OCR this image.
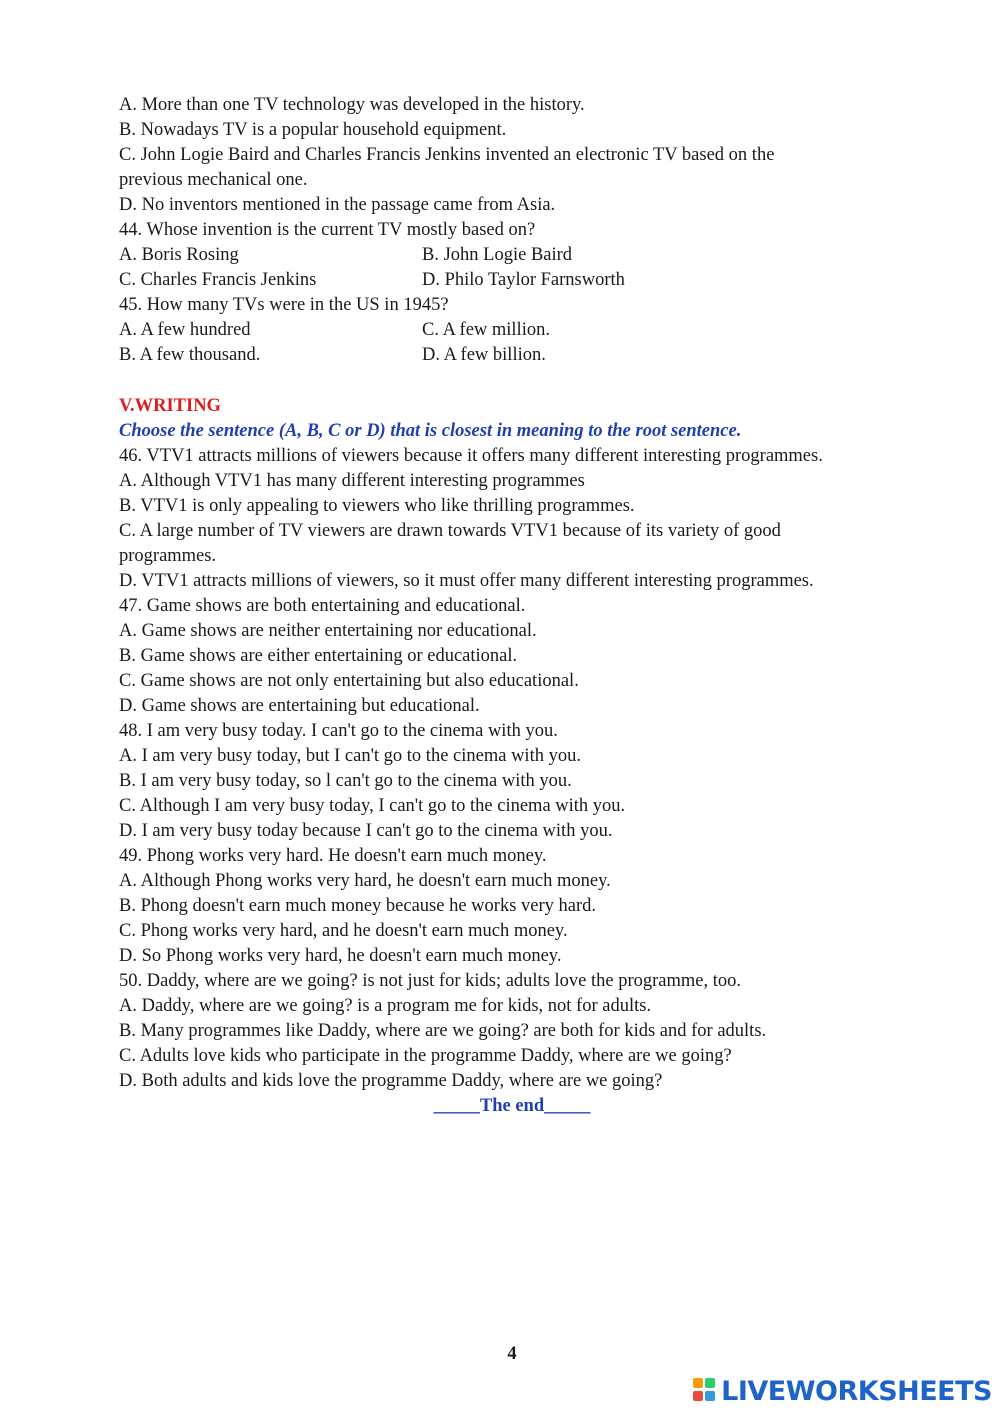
A. More than one TV technology was developed in the history.

B. Nowadays TV is a popular household equipment.

C. John Logie Baird and Charles Francis Jenkins invented an electronic TV based on the

previous mechanical one.

D. No inventors mentioned in the passage came from Asia.

44. Whose invention is the current TV mostly based on?

A. Boris Rosing	B. John Logie Baird

C. Charles Francis Jenkins	D. Philo Taylor Farnsworth

45. How many TVs were in the US in 1945?

A. A few hundred	C. A few million.

B. A few thousand.	D. A few billion.

V.WRITING

Choose the sentence (A, B, C or D) that is closest in meaning to the root sentence.

46. VTV1 attracts millions of viewers because it offers many different interesting programmes.

A. Although VTV1 has many different interesting programmes

B. VTV1 is only appealing to viewers who like thrilling programmes.

C. A large number of TV viewers are drawn towards VTV1 because of its variety of good

programmes.

D. VTV1 attracts millions of viewers, so it must offer many different interesting programmes.

47. Game shows are both entertaining and educational.

A. Game shows are neither entertaining nor educational.

B. Game shows are either entertaining or educational.

C. Game shows are not only entertaining but also educational.

D. Game shows are entertaining but educational.

48. I am very busy today. I can't go to the cinema with you.

A. I am very busy today, but I can't go to the cinema with you.

B. I am very busy today, so l can't go to the cinema with you.

C. Although I am very busy today, I can't go to the cinema with you.

D. I am very busy today because I can't go to the cinema with you.

49. Phong works very hard. He doesn't earn much money.

A. Although Phong works very hard, he doesn't earn much money.

B. Phong doesn't earn much money because he works very hard.

C. Phong works very hard, and he doesn't earn much money.

D. So Phong works very hard, he doesn't earn much money.

50. Daddy, where are we going? is not just for kids; adults love the programme, too.

A. Daddy, where are we going? is a program me for kids, not for adults.

B. Many programmes like Daddy, where are we going? are both for kids and for adults.

C. Adults love kids who participate in the programme Daddy, where are we going?

D. Both adults and kids love the programme Daddy, where are we going?

_____The end_____
4
LIVEWORKSHEETS
